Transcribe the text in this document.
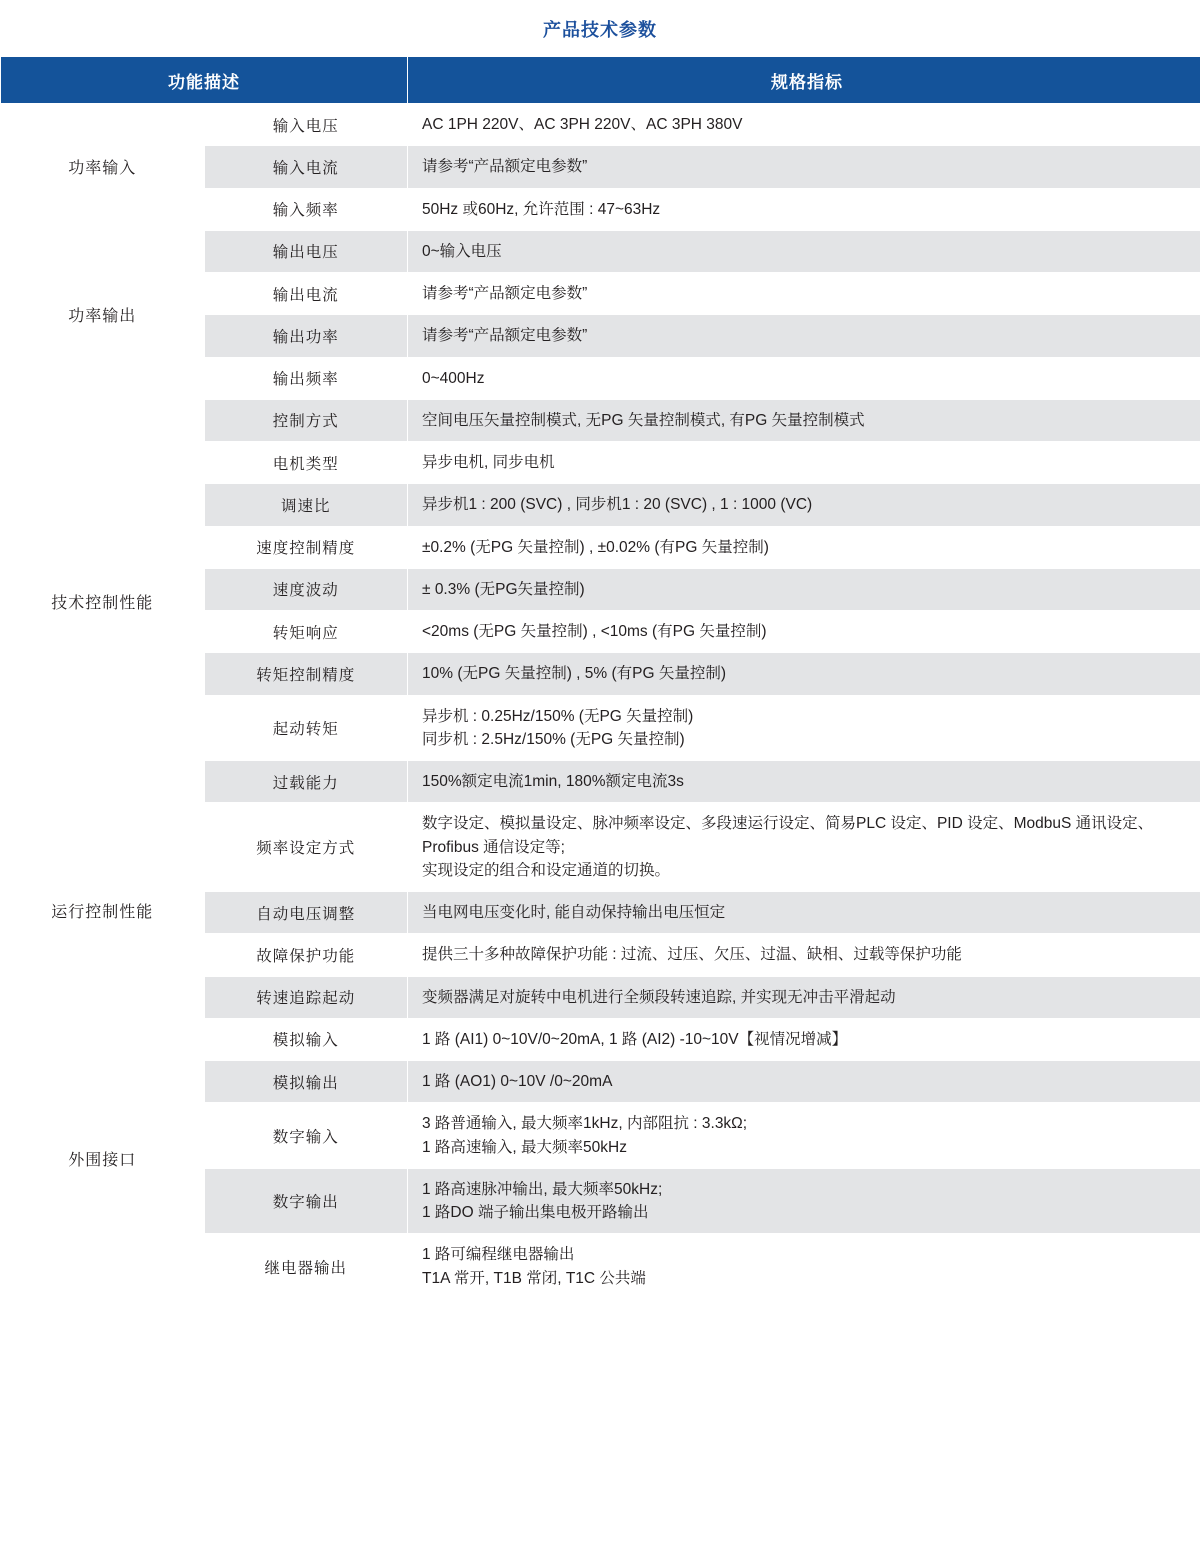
产品技术参数
功能描述		规格指标
功率输入	输入电压	AC 1PH 220V、AC 3PH 220V、AC 3PH 380V

	输入电流	请参考“产品额定电参数”

	输入频率	50Hz 或60Hz, 允许范围 : 47~63Hz

功率输出	输出电压	0~输入电压

	输出电流	请参考“产品额定电参数”

	输出功率	请参考“产品额定电参数”

	输出频率	0~400Hz

技术控制性能	控制方式	空间电压矢量控制模式, 无PG 矢量控制模式, 有PG 矢量控制模式

	电机类型	异步电机, 同步电机

	调速比	异步机1 : 200 (SVC) , 同步机1 : 20 (SVC) , 1 : 1000 (VC)

	速度控制精度	±0.2% (无PG 矢量控制) , ±0.02% (有PG 矢量控制)

	速度波动	± 0.3% (无PG矢量控制)

	转矩响应	<20ms (无PG 矢量控制) , <10ms (有PG 矢量控制)

	转矩控制精度	10% (无PG 矢量控制) , 5% (有PG 矢量控制)

	起动转矩	异步机 : 0.25Hz/150% (无PG 矢量控制)
同步机 : 2.5Hz/150% (无PG 矢量控制)

	过载能力	150%额定电流1min, 180%额定电流3s

运行控制性能	频率设定方式	数字设定、模拟量设定、脉冲频率设定、多段速运行设定、简易PLC 设定、PID 设定、ModbuS 通讯设定、Profibus 通信设定等;
实现设定的组合和设定通道的切换。

	自动电压调整	当电网电压变化时, 能自动保持输出电压恒定

	故障保护功能	提供三十多种故障保护功能 : 过流、过压、欠压、过温、缺相、过载等保护功能

	转速追踪起动	变频器满足对旋转中电机进行全频段转速追踪, 并实现无冲击平滑起动

外围接口	模拟输入	1 路 (AI1) 0~10V/0~20mA, 1 路 (AI2) -10~10V【视情况增减】

	模拟输出	1 路 (AO1) 0~10V /0~20mA

	数字输入	3 路普通输入, 最大频率1kHz, 内部阻抗 : 3.3kΩ;
1 路高速输入, 最大频率50kHz

	数字输出	1 路高速脉冲输出, 最大频率50kHz;
1 路DO 端子输出集电极开路输出

	继电器输出	1 路可编程继电器输出
T1A 常开, T1B 常闭, T1C 公共端
